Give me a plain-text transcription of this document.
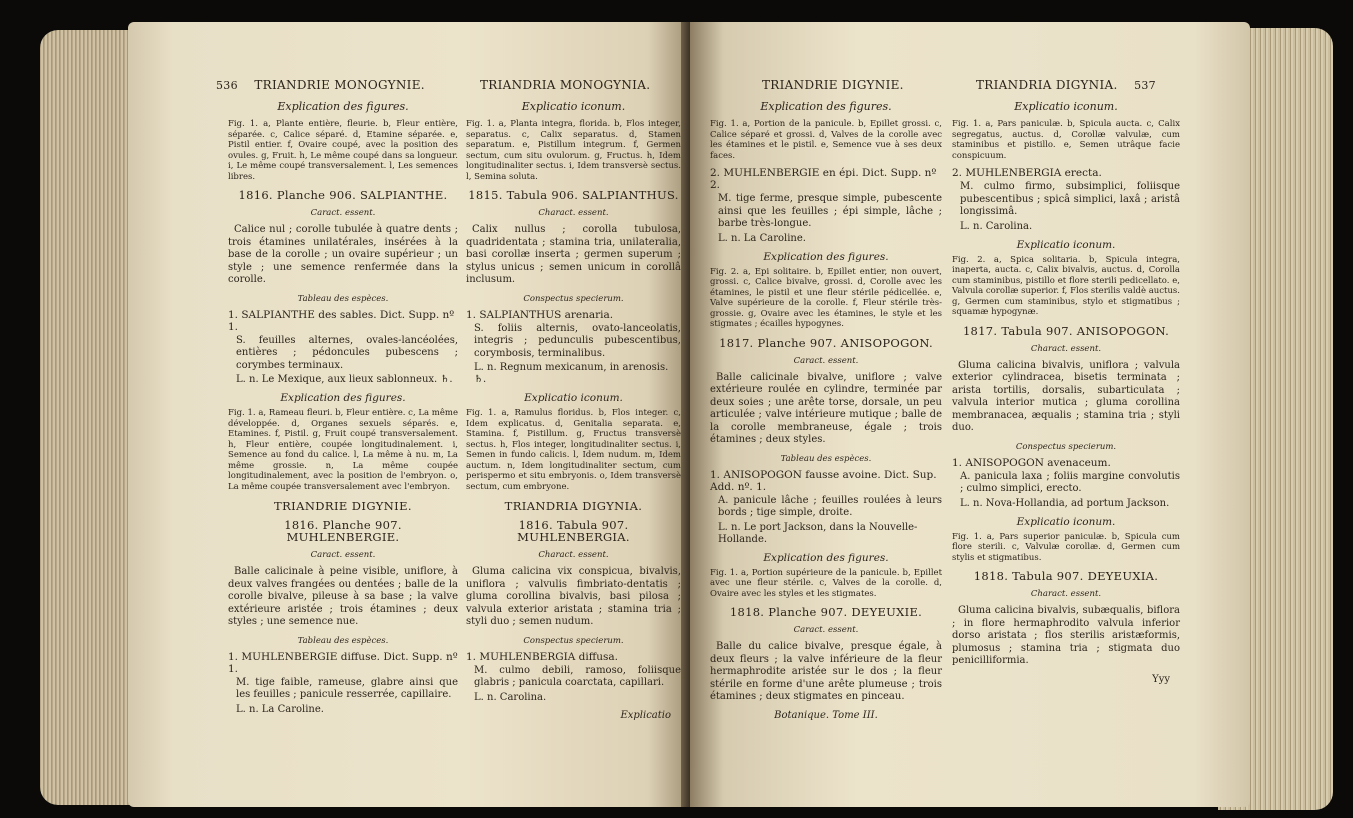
536 TRIANDRIE MONOGYNIE.	TRIANDRIA MONOGYNIA.
Explication des figures.
Fig. 1. a, Plante entière, fleurie. b, Fleur entière, séparée. c, Calice séparé. d, Etamine séparée. e, Pistil entier. f, Ovaire coupé, avec la position des ovules. g, Fruit. h, Le même coupé dans sa longueur. i, Le même coupé transversalement. l, Les semences libres.
1816. Planche 906. SALPIANTHE.
Caract. essent.
Calice nul ; corolle tubulée à quatre dents ; trois étamines unilatérales, insérées à la base de la corolle ; un ovaire supérieur ; un style ; une semence renfermée dans la corolle.
Tableau des espèces.
1. SALPIANTHE des sables. Dict. Supp. nº 1.
S. feuilles alternes, ovales-lancéolées, entières ; pédoncules pubescens ; corymbes terminaux.
L. n. Le Mexique, aux lieux sablonneux. ♄.
Explication des figures.
Fig. 1. a, Rameau fleuri. b, Fleur entière. c, La même développée. d, Organes sexuels séparés. e, Etamines. f, Pistil. g, Fruit coupé transversalement. h, Fleur entière, coupée longitudinalement. i, Semence au fond du calice. l, La même à nu. m, La même grossie. n, La même coupée longitudinalement, avec la position de l'embryon. o, La même coupée transversalement avec l'embryon.
TRIANDRIE DIGYNIE.
1816. Planche 907. MUHLENBERGIE.
Caract. essent.
Balle calicinale à peine visible, uniflore, à deux valves frangées ou dentées ; balle de la corolle bivalve, pileuse à sa base ; la valve extérieure aristée ; trois étamines ; deux styles ; une semence nue.
Tableau des espèces.
1. MUHLENBERGIE diffuse. Dict. Supp. nº 1.
M. tige faible, rameuse, glabre ainsi que les feuilles ; panicule resserrée, capillaire.
L. n. La Caroline.
Explicatio iconum.
Fig. 1. a, Planta integra, florida. b, Flos integer, separatus. c, Calix separatus. d, Stamen separatum. e, Pistillum integrum. f, Germen sectum, cum situ ovulorum. g, Fructus. h, Idem longitudinaliter sectus. i, Idem transversè sectus. l, Semina soluta.
1815. Tabula 906. SALPIANTHUS.
Charact. essent.
Calix nullus ; corolla tubulosa, quadridentata ; stamina tria, unilateralia, basi corollæ inserta ; germen superum ; stylus unicus ; semen unicum in corollâ inclusum.
Conspectus specierum.
1. SALPIANTHUS arenaria.
S. foliis alternis, ovato-lanceolatis, integris ; pedunculis pubescentibus, corymbosis, terminalibus.
L. n. Regnum mexicanum, in arenosis. ♄.
Explicatio iconum.
Fig. 1. a, Ramulus floridus. b, Flos integer. c, Idem explicatus. d, Genitalia separata. e, Stamina. f, Pistillum. g, Fructus transversè sectus. h, Flos integer, longitudinaliter sectus. i, Semen in fundo calicis. l, Idem nudum. m, Idem auctum. n, Idem longitudinaliter sectum, cum perispermo et situ embryonis. o, Idem transversè sectum, cum embryone.
TRIANDRIA DIGYNIA.
1816. Tabula 907. MUHLENBERGIA.
Charact. essent.
Gluma calicina vix conspicua, bivalvis, uniflora ; valvulis fimbriato-dentatis ; gluma corollina bivalvis, basi pilosa ; valvula exterior aristata ; stamina tria ; styli duo ; semen nudum.
Conspectus specierum.
1. MUHLENBERGIA diffusa.
M. culmo debili, ramoso, foliisque glabris ; panicula coarctata, capillari.
L. n. Carolina.
Explicatio
TRIANDRIE DIGYNIE.	TRIANDRIA DIGYNIA. 537
Explication des figures.
Fig. 1. a, Portion de la panicule. b, Epillet grossi. c, Calice séparé et grossi. d, Valves de la corolle avec les étamines et le pistil. e, Semence vue à ses deux faces.
2. MUHLENBERGIE en épi. Dict. Supp. nº 2.
M. tige ferme, presque simple, pubescente ainsi que les feuilles ; épi simple, lâche ; barbe très-longue.
L. n. La Caroline.
Explication des figures.
Fig. 2. a, Epi solitaire. b, Epillet entier, non ouvert, grossi. c, Calice bivalve, grossi. d, Corolle avec les étamines, le pistil et une fleur stérile pédicellée. e, Valve supérieure de la corolle. f, Fleur stérile très-grossie. g, Ovaire avec les étamines, le style et les stigmates ; écailles hypogynes.
1817. Planche 907. ANISOPOGON.
Caract. essent.
Balle calicinale bivalve, uniflore ; valve extérieure roulée en cylindre, terminée par deux soies ; une arête torse, dorsale, un peu articulée ; valve intérieure mutique ; balle de la corolle membraneuse, égale ; trois étamines ; deux styles.
Tableau des espèces.
1. ANISOPOGON fausse avoine. Dict. Sup. Add. nº. 1.
A. panicule lâche ; feuilles roulées à leurs bords ; tige simple, droite.
L. n. Le port Jackson, dans la Nouvelle-Hollande.
Explication des figures.
Fig. 1. a, Portion supérieure de la panicule. b, Epillet avec une fleur stérile. c, Valves de la corolle. d, Ovaire avec les styles et les stigmates.
1818. Planche 907. DEYEUXIE.
Caract. essent.
Balle du calice bivalve, presque égale, à deux fleurs ; la valve inférieure de la fleur hermaphrodite aristée sur le dos ; la fleur stérile en forme d'une arête plumeuse ; trois étamines ; deux stigmates en pinceau.
Botanique. Tome III.
Explicatio iconum.
Fig. 1. a, Pars paniculæ. b, Spicula aucta. c, Calix segregatus, auctus. d, Corollæ valvulæ, cum staminibus et pistillo. e, Semen utrâque facie conspicuum.
2. MUHLENBERGIA erecta.
M. culmo firmo, subsimplici, foliisque pubescentibus ; spicâ simplici, laxâ ; aristâ longissimâ.
L. n. Carolina.
Explicatio iconum.
Fig. 2. a, Spica solitaria. b, Spicula integra, inaperta, aucta. c, Calix bivalvis, auctus. d, Corolla cum staminibus, pistillo et flore sterili pedicellato. e, Valvula corollæ superior. f, Flos sterilis valdè auctus. g, Germen cum staminibus, stylo et stigmatibus ; squamæ hypogynæ.
1817. Tabula 907. ANISOPOGON.
Charact. essent.
Gluma calicina bivalvis, uniflora ; valvula exterior cylindracea, bisetis terminata ; arista tortilis, dorsalis, subarticulata ; valvula interior mutica ; gluma corollina membranacea, æqualis ; stamina tria ; styli duo.
Conspectus specierum.
1. ANISOPOGON avenaceum.
A. panicula laxa ; foliis margine convolutis ; culmo simplici, erecto.
L. n. Nova-Hollandia, ad portum Jackson.
Explicatio iconum.
Fig. 1. a, Pars superior paniculæ. b, Spicula cum flore sterili. c, Valvulæ corollæ. d, Germen cum stylis et stigmatibus.
1818. Tabula 907. DEYEUXIA.
Charact. essent.
Gluma calicina bivalvis, subæqualis, biflora ; in flore hermaphrodito valvula inferior dorso aristata ; flos sterilis aristæformis, plumosus ; stamina tria ; stigmata duo penicilliformia.
Yyy
